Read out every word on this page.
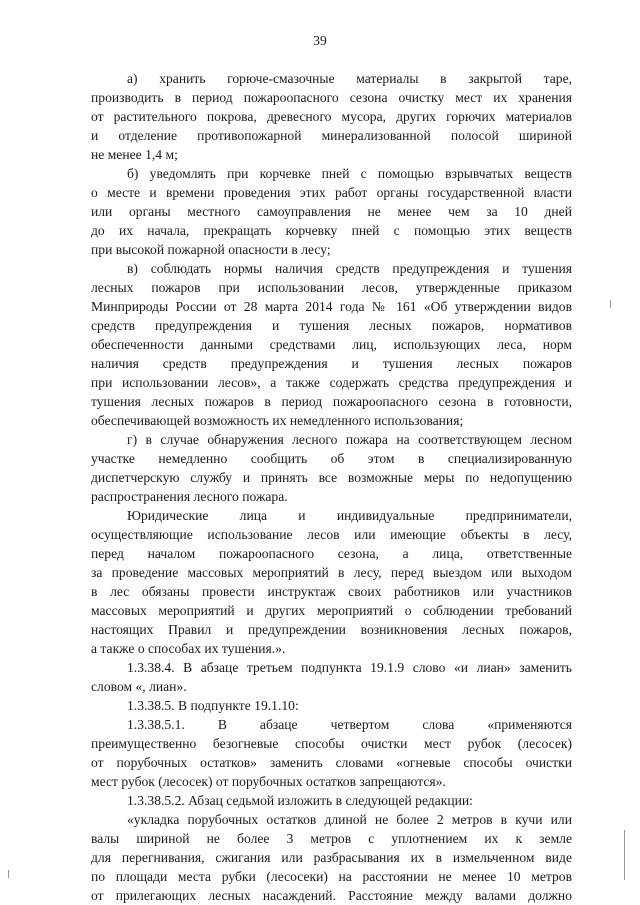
39
а) хранить горюче-смазочные материалы в закрытой таре,
производить в период пожароопасного сезона очистку мест их хранения
от растительного покрова, древесного мусора, других горючих материалов
и отделение противопожарной минерализованной полосой шириной
не менее 1,4 м;
б) уведомлять при корчевке пней с помощью взрывчатых веществ
о месте и времени проведения этих работ органы государственной власти
или органы местного самоуправления не менее чем за 10 дней
до их начала, прекращать корчевку пней с помощью этих веществ
при высокой пожарной опасности в лесу;
в) соблюдать нормы наличия средств предупреждения и тушения
лесных пожаров при использовании лесов, утвержденные приказом
Минприроды России от 28 марта 2014 года № 161 «Об утверждении видов
средств предупреждения и тушения лесных пожаров, нормативов
обеспеченности данными средствами лиц, использующих леса, норм
наличия средств предупреждения и тушения лесных пожаров
при использовании лесов», а также содержать средства предупреждения и
тушения лесных пожаров в период пожароопасного сезона в готовности,
обеспечивающей возможность их немедленного использования;
г) в случае обнаружения лесного пожара на соответствующем лесном
участке немедленно сообщить об этом в специализированную
диспетчерскую службу и принять все возможные меры по недопущению
распространения лесного пожара.
Юридические лица и индивидуальные предприниматели,
осуществляющие использование лесов или имеющие объекты в лесу,
перед началом пожароопасного сезона, а лица, ответственные
за проведение массовых мероприятий в лесу, перед выездом или выходом
в лес обязаны провести инструктаж своих работников или участников
массовых мероприятий и других мероприятий о соблюдении требований
настоящих Правил и предупреждении возникновения лесных пожаров,
а также о способах их тушения.».
1.3.38.4. В абзаце третьем подпункта 19.1.9 слово «и лиан» заменить
словом «, лиан».
1.3.38.5. В подпункте 19.1.10:
1.3.38.5.1. В абзаце четвертом слова «применяются
преимущественно безогневые способы очистки мест рубок (лесосек)
от порубочных остатков» заменить словами «огневые способы очистки
мест рубок (лесосек) от порубочных остатков запрещаются».
1.3.38.5.2. Абзац седьмой изложить в следующей редакции:
«укладка порубочных остатков длиной не более 2 метров в кучи или
валы шириной не более 3 метров с уплотнением их к земле
для перегнивания, сжигания или разбрасывания их в измельченном виде
по площади места рубки (лесосеки) на расстоянии не менее 10 метров
от прилегающих лесных насаждений. Расстояние между валами должно
